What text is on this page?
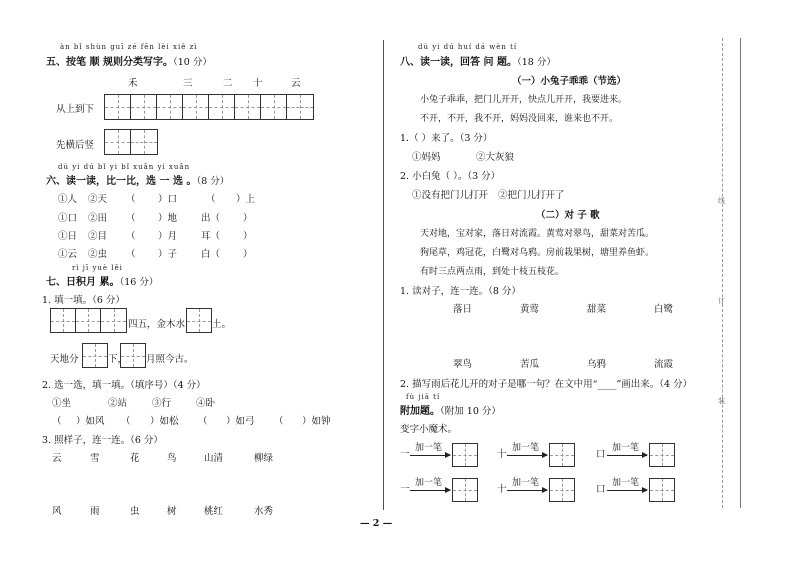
àn bǐ shùn guī zé fēn lèi xiě zì
五、按笔 顺 规则分类写字。（10 分）
禾	三	二 十	云
从上到下
先横后竖
dú yi dú bǐ yi bǐ xuǎn yi xuǎn
六、读一读，比一比，选 一 选 。（8 分）
①人 ②天 （ ）口	（ ）上
①口 ②田 （ ）地	出（ ）
①日 ②目 （ ）月	耳（ ）
①云 ②虫 （ ）子	白（ ）
rì jī yuè lěi
七、日积月 累。（16 分）
1. 填一填。（6 分）
四五，金木水	土。
天地分	下， 月照今古。
2. 选一选，填一填。（填序号）（4 分）
①坐	②站	③行	④卧
（ ）如风 （ ）如松 （ ）如弓 （ ）如钟
3. 照样子，连一连。（6 分）
云	雪	花	鸟	山清	柳绿
风	雨	虫	树	桃红	水秀
dú yi dú huí dá wèn tí
八、读一读，回答 问 题。（18 分）
（一）小兔子乖乖（节选）
小兔子乖乖，把门儿开开，快点儿开开，我要进来。
不开，不开，我不开，妈妈没回来，谁来也不开。
1.（ ）来了。（3 分）
①妈妈	②大灰狼
2. 小白兔（ ）。（3 分）
①没有把门儿打开 ②把门儿打开了
（二）对 子 歌
天对地，宝对家，落日对流霞。黄莺对翠鸟，甜菜对苦瓜。
狗尾草，鸡冠花，白鹭对乌鸦。房前栽果树，塘里养鱼虾。
有时三点两点雨，到处十枝五枝花。
1. 读对子，连一连。（8 分）
落日	黄莺	甜菜	白鹭
翠鸟	苦瓜	乌鸦	流霞
2. 描写雨后花儿开的对子是哪一句？在文中用“____”画出来。（4 分）
fù jiā tí
附加题。（附加 10 分）
变字小魔术。
一
加一笔
十
加一笔
口
加一笔
一
加一笔
十
加一笔
口
加一笔
线
订
装
— 2 —
